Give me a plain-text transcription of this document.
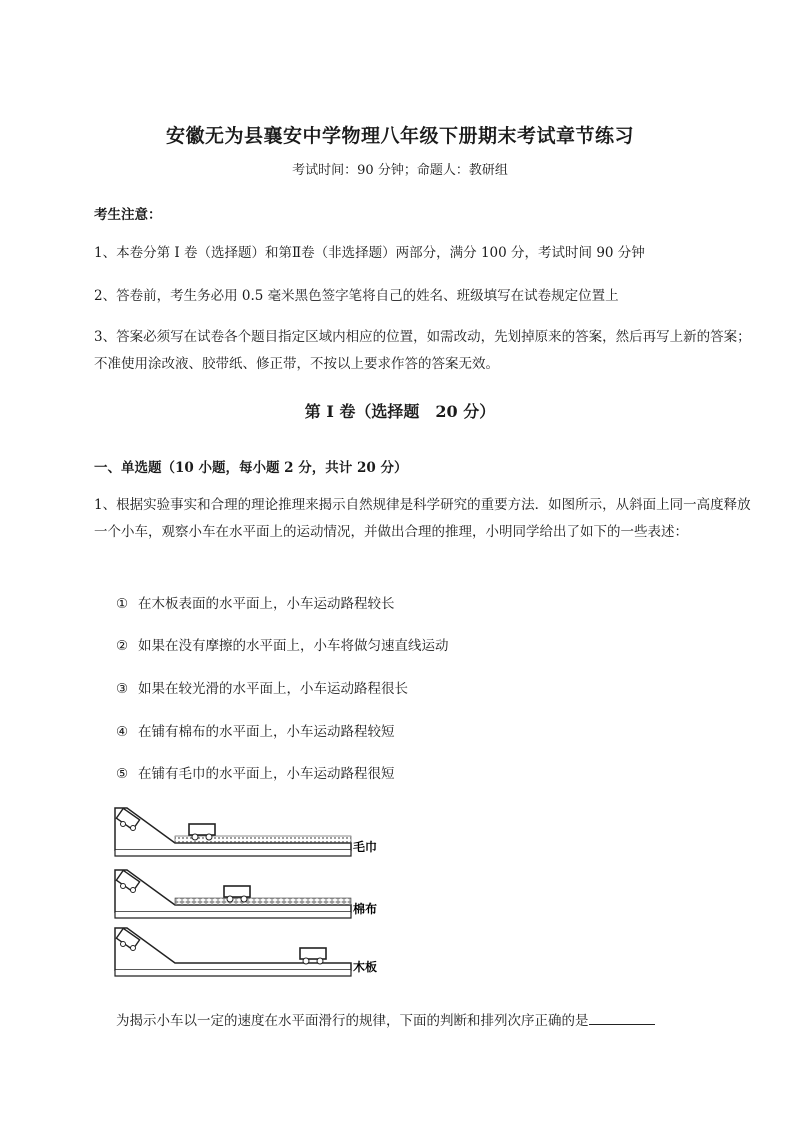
安徽无为县襄安中学物理八年级下册期末考试章节练习
考试时间：90 分钟；命题人：教研组
考生注意：
1、本卷分第 I 卷（选择题）和第Ⅱ卷（非选择题）两部分，满分 100 分，考试时间 90 分钟
2、答卷前，考生务必用 0.5 毫米黑色签字笔将自己的姓名、班级填写在试卷规定位置上
3、答案必须写在试卷各个题目指定区域内相应的位置，如需改动，先划掉原来的答案，然后再写上新的答案；不准使用涂改液、胶带纸、修正带，不按以上要求作答的答案无效。
第 I 卷（选择题　20 分）
一、单选题（10 小题，每小题 2 分，共计 20 分）
1、根据实验事实和合理的理论推理来揭示自然规律是科学研究的重要方法．如图所示，从斜面上同一高度释放一个小车，观察小车在水平面上的运动情况，并做出合理的推理，小明同学给出了如下的一些表述：
① 在木板表面的水平面上，小车运动路程较长
② 如果在没有摩擦的水平面上，小车将做匀速直线运动
③ 如果在较光滑的水平面上，小车运动路程很长
④ 在铺有棉布的水平面上，小车运动路程较短
⑤ 在铺有毛巾的水平面上，小车运动路程很短
毛巾
棉布
木板
为揭示小车以一定的速度在水平面滑行的规律，下面的判断和排列次序正确的是
